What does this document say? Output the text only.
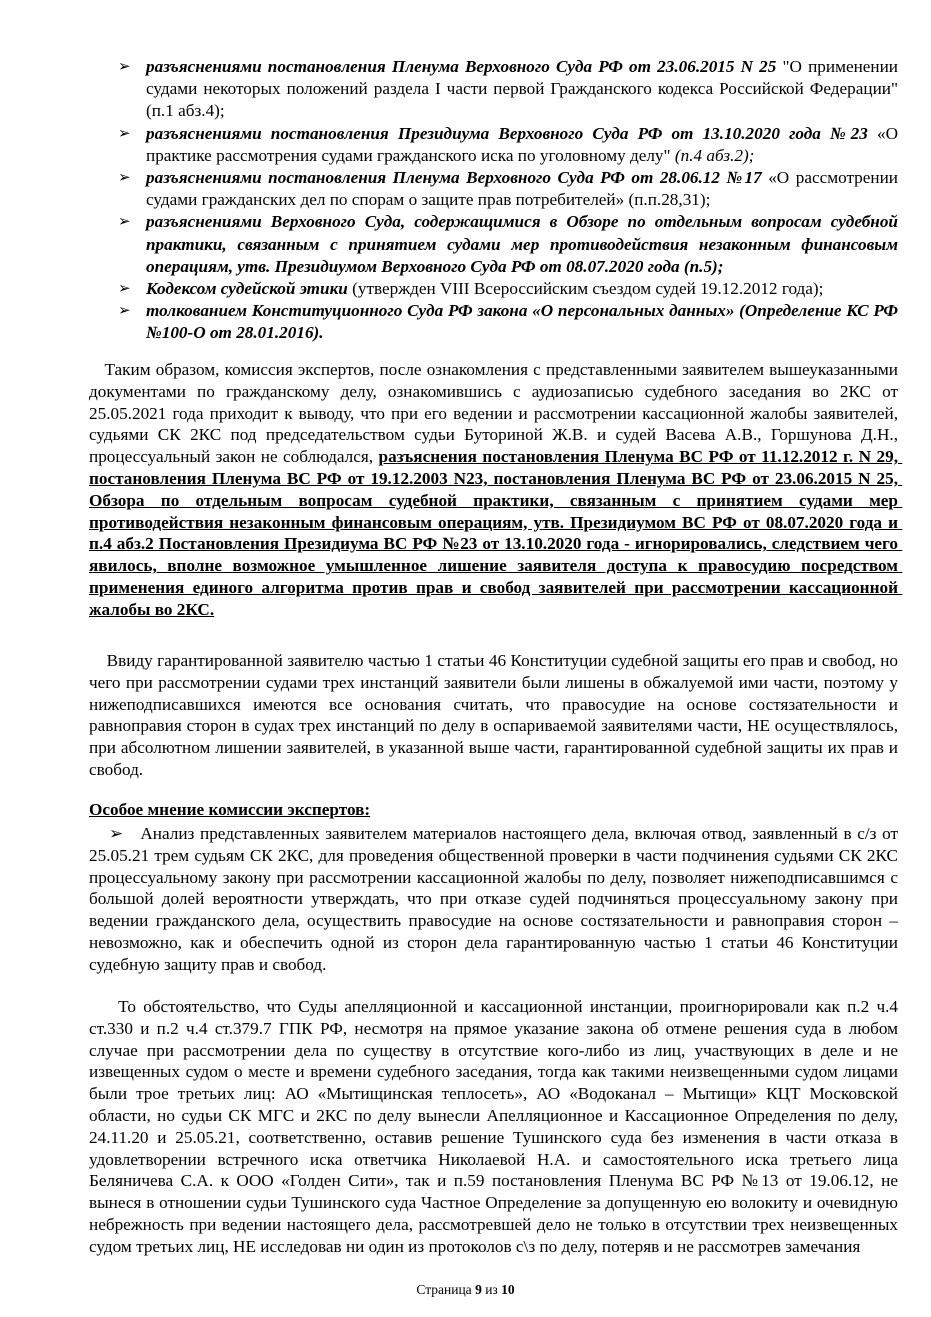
➢ разъяснениями постановления Пленума Верховного Суда РФ от 23.06.2015 N 25 "О применении судами некоторых положений раздела I части первой Гражданского кодекса Российской Федерации" (п.1 абз.4);
➢ разъяснениями постановления Президиума Верховного Суда РФ от 13.10.2020 года №23 «О практике рассмотрения судами гражданского иска по уголовному делу" (п.4 абз.2);
➢ разъяснениями постановления Пленума Верховного Суда РФ от 28.06.12 №17 «О рассмотрении судами гражданских дел по спорам о защите прав потребителей» (п.п.28,31);
➢ разъяснениями Верховного Суда, содержащимися в Обзоре по отдельным вопросам судебной практики, связанным с принятием судами мер противодействия незаконным финансовым операциям, утв. Президиумом Верховного Суда РФ от 08.07.2020 года (п.5);
➢ Кодексом судейской этики (утвержден VIII Всероссийским съездом судей 19.12.2012 года);
➢ толкованием Конституционного Суда РФ закона «О персональных данных» (Определение КС РФ №100-О от 28.01.2016).

Таким образом, комиссия экспертов, после ознакомления с представленными заявителем вышеуказанными документами по гражданскому делу, ознакомившись с аудиозаписью судебного заседания во 2КС от 25.05.2021 года приходит к выводу, что при его ведении и рассмотрении кассационной жалобы заявителей, судьями СК 2КС под председательством судьи Буториной Ж.В. и судей Васева А.В., Горшунова Д.Н., процессуальный закон не соблюдался, разъяснения постановления Пленума ВС РФ от 11.12.2012 г. N 29, постановления Пленума ВС РФ от 19.12.2003 N23, постановления Пленума ВС РФ от 23.06.2015 N 25, Обзора по отдельным вопросам судебной практики, связанным с принятием судами мер противодействия незаконным финансовым операциям, утв. Президиумом ВС РФ от 08.07.2020 года и п.4 абз.2 Постановления Президиума ВС РФ №23 от 13.10.2020 года - игнорировались, следствием чего явилось, вполне возможное умышленное лишение заявителя доступа к правосудию посредством применения единого алгоритма против прав и свобод заявителей при рассмотрении кассационной жалобы во 2КС.

Ввиду гарантированной заявителю частью 1 статьи 46 Конституции судебной защиты его прав и свобод, но чего при рассмотрении судами трех инстанций заявители были лишены в обжалуемой ими части, поэтому у нижеподписавшихся имеются все основания считать, что правосудие на основе состязательности и равноправия сторон в судах трех инстанций по делу в оспариваемой заявителями части, НЕ осуществлялось, при абсолютном лишении заявителей, в указанной выше части, гарантированной судебной защиты их прав и свобод.

Особое мнение комиссии экспертов:

➢   Анализ представленных заявителем материалов настоящего дела, включая отвод, заявленный в с/з от 25.05.21 трем судьям СК 2КС, для проведения общественной проверки в части подчинения судьями СК 2КС процессуальному закону при рассмотрении кассационной жалобы по делу, позволяет нижеподписавшимся с большой долей вероятности утверждать, что при отказе судей подчиняться процессуальному закону при ведении гражданского дела, осуществить правосудие на основе состязательности и равноправия сторон – невозможно, как и обеспечить одной из сторон дела гарантированную частью 1 статьи 46 Конституции судебную защиту прав и свобод.

То обстоятельство, что Суды апелляционной и кассационной инстанции, проигнорировали как п.2 ч.4 ст.330 и п.2 ч.4 ст.379.7 ГПК РФ, несмотря на прямое указание закона об отмене решения суда в любом случае при рассмотрении дела по существу в отсутствие кого-либо из лиц, участвующих в деле и не извещенных судом о месте и времени судебного заседания, тогда как такими неизвещенными судом лицами были трое третьих лиц: АО «Мытищинская теплосеть», АО «Водоканал – Мытищи» КЦТ Московской области, но судьи СК МГС и 2КС по делу вынесли Апелляционное и Кассационное Определения по делу, 24.11.20 и 25.05.21, соответственно, оставив решение Тушинского суда без изменения в части отказа в удовлетворении встречного иска ответчика Николаевой Н.А. и самостоятельного иска третьего лица Беляничева С.А. к ООО «Голден Сити», так и п.59 постановления Пленума ВС РФ №13 от 19.06.12, не вынеся в отношении судьи Тушинского суда Частное Определение за допущенную ею волокиту и очевидную небрежность при ведении настоящего дела, рассмотревшей дело не только в отсутствии трех неизвещенных судом третьих лиц, НЕ исследовав ни один из протоколов с\з по делу, потеряв и не рассмотрев замечания

Страница 9 из 10
